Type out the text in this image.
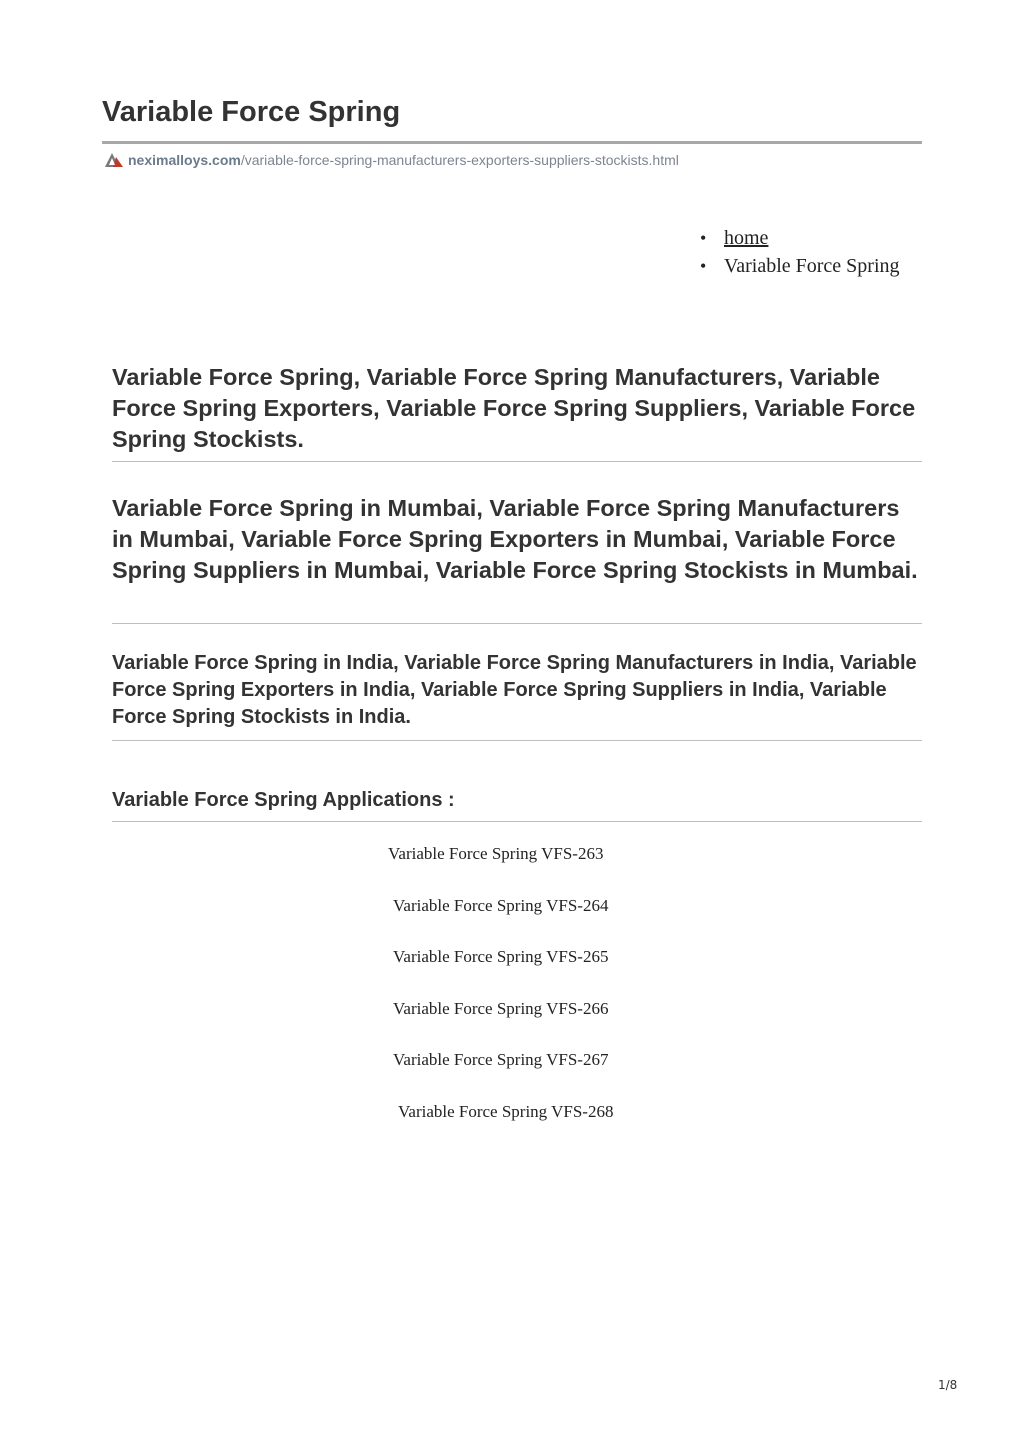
Variable Force Spring
neximalloys.com /variable-force-spring-manufacturers-exporters-suppliers-stockists.html
• home
• Variable Force Spring
Variable Force Spring, Variable Force Spring Manufacturers, Variable Force Spring Exporters, Variable Force Spring Suppliers, Variable Force Spring Stockists.
Variable Force Spring in Mumbai, Variable Force Spring Manufacturers in Mumbai, Variable Force Spring Exporters in Mumbai, Variable Force Spring Suppliers in Mumbai, Variable Force Spring Stockists in Mumbai.
Variable Force Spring in India, Variable Force Spring Manufacturers in India, Variable Force Spring Exporters in India, Variable Force Spring Suppliers in India, Variable Force Spring Stockists in India.
Variable Force Spring Applications :
Variable Force Spring VFS-263
Variable Force Spring VFS-264
Variable Force Spring VFS-265
Variable Force Spring VFS-266
Variable Force Spring VFS-267
Variable Force Spring VFS-268
1/8
